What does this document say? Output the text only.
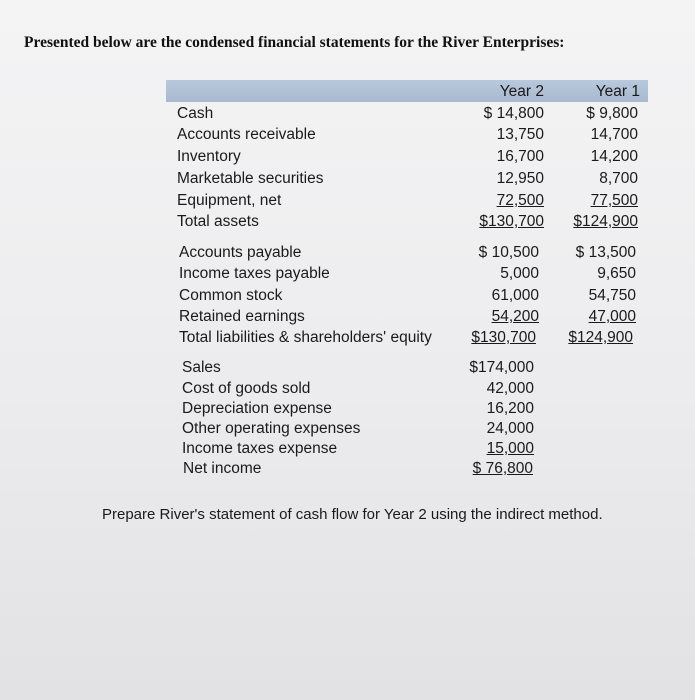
Presented below are the condensed financial statements for the River Enterprises:
Year 2	Year 1
Cash	$ 14,800	$ 9,800
Accounts receivable	13,750	14,700
Inventory	16,700	14,200
Marketable securities	12,950	8,700
Equipment, net	72,500	77,500
Total assets	$130,700 $124,900
Accounts payable	$ 10,500 $ 13,500
Income taxes payable	5,000	9,650
Common stock	61,000	54,750
Retained earnings	54,200	47,000
Total liabilities & shareholders' equity	$130,700 $124,900
Sales	$174,000
Cost of goods sold	42,000
Depreciation expense	16,200
Other operating expenses	24,000
Income taxes expense	15,000
Net income	$ 76,800
Prepare River's statement of cash flow for Year 2 using the indirect method.
